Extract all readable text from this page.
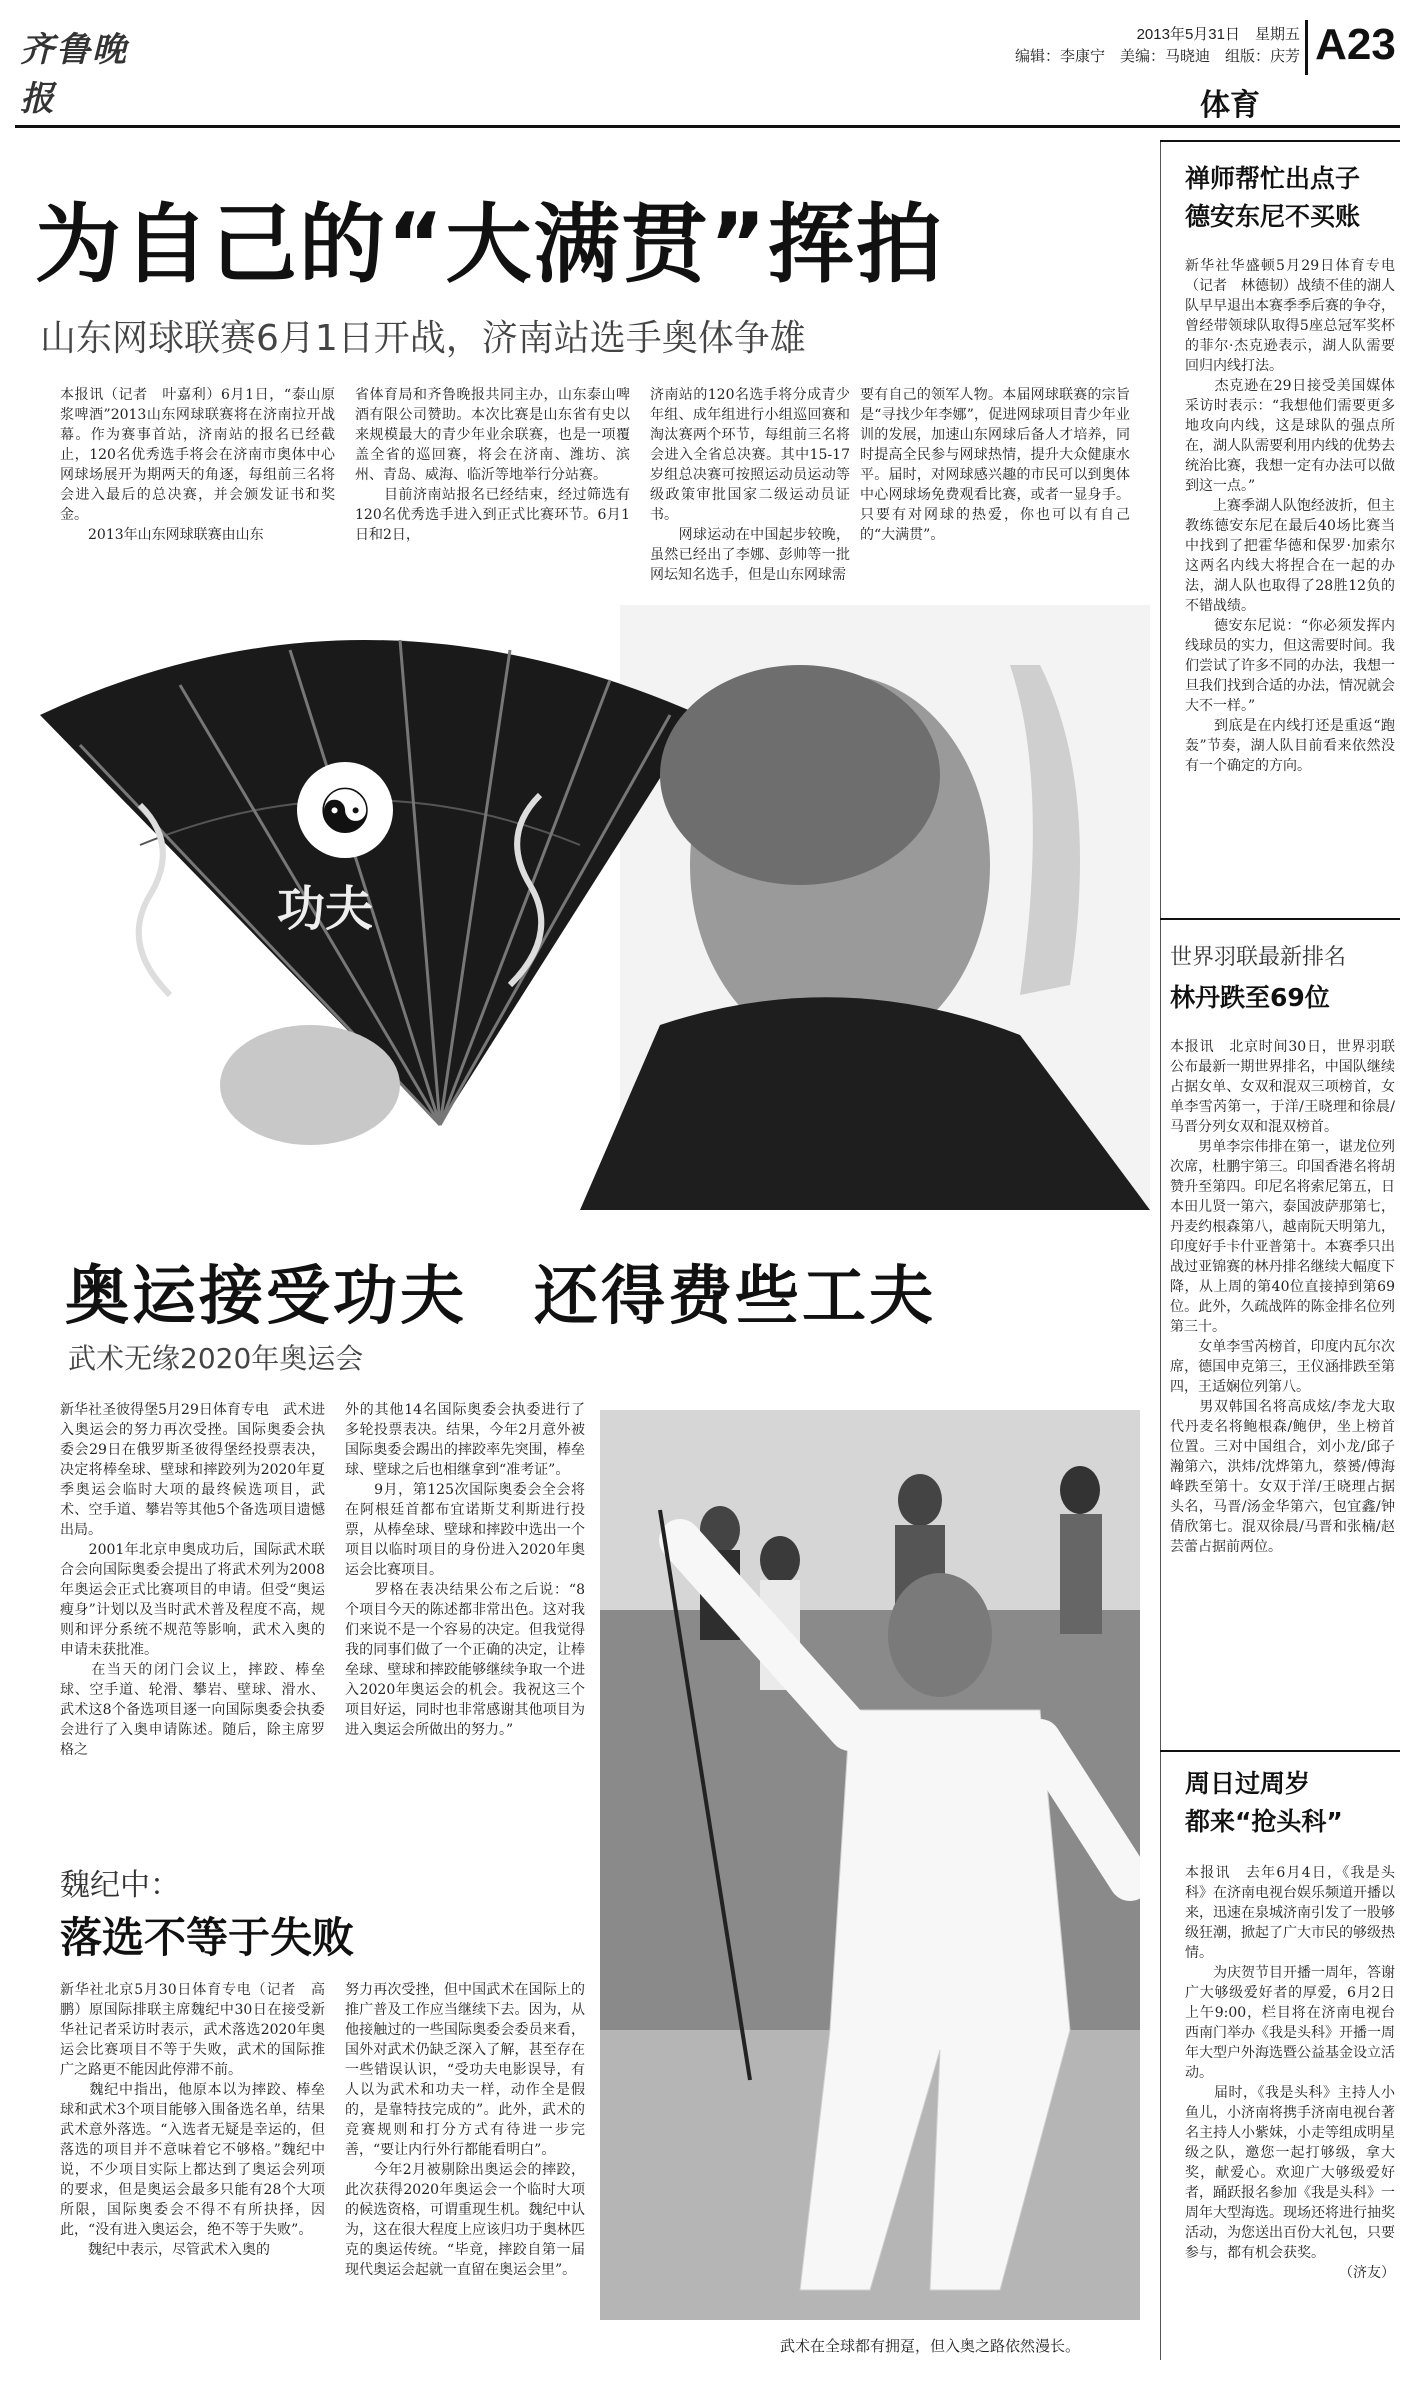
齐鲁晚报
2013年5月31日　星期五
编辑：李康宁　美编：马晓迪　组版：庆芳 A23
体育
为自己的“大满贯”挥拍
山东网球联赛6月1日开战，济南站选手奥体争雄
本报讯（记者　叶嘉利）6月1日，“泰山原浆啤酒”2013山东网球联赛将在济南拉开战幕。作为赛事首站，济南站的报名已经截止，120名优秀选手将会在济南市奥体中心网球场展开为期两天的角逐，每组前三名将会进入最后的总决赛，并会颁发证书和奖金。
　　2013年山东网球联赛由山东
省体育局和齐鲁晚报共同主办，山东泰山啤酒有限公司赞助。本次比赛是山东省有史以来规模最大的青少年业余联赛，也是一项覆盖全省的巡回赛，将会在济南、潍坊、滨州、青岛、威海、临沂等地举行分站赛。
　　目前济南站报名已经结束，经过筛选有120名优秀选手进入到正式比赛环节。6月1日和2日，
济南站的120名选手将分成青少年组、成年组进行小组巡回赛和淘汰赛两个环节，每组前三名将会进入全省总决赛。其中15-17岁组总决赛可按照运动员运动等级政策审批国家二级运动员证书。
　　网球运动在中国起步较晚，虽然已经出了李娜、彭帅等一批网坛知名选手，但是山东网球需
要有自己的领军人物。本届网球联赛的宗旨是“寻找少年李娜”，促进网球项目青少年业训的发展，加速山东网球后备人才培养，同时提高全民参与网球热情，提升大众健康水平。届时，对网球感兴趣的市民可以到奥体中心网球场免费观看比赛，或者一显身手。只要有对网球的热爱，你也可以有自己的“大满贯”。
☯
功夫
奥运接受功夫　还得费些工夫
武术无缘2020年奥运会
新华社圣彼得堡5月29日体育专电　武术进入奥运会的努力再次受挫。国际奥委会执委会29日在俄罗斯圣彼得堡经投票表决，决定将棒垒球、壁球和摔跤列为2020年夏季奥运会临时大项的最终候选项目，武术、空手道、攀岩等其他5个备选项目遗憾出局。
　　2001年北京申奥成功后，国际武术联合会向国际奥委会提出了将武术列为2008年奥运会正式比赛项目的申请。但受“奥运瘦身”计划以及当时武术普及程度不高，规则和评分系统不规范等影响，武术入奥的申请未获批准。
　　在当天的闭门会议上，摔跤、棒垒球、空手道、轮滑、攀岩、壁球、滑水、武术这8个备选项目逐一向国际奥委会执委会进行了入奥申请陈述。随后，除主席罗格之
外的其他14名国际奥委会执委进行了多轮投票表决。结果，今年2月意外被国际奥委会踢出的摔跤率先突围，棒垒球、壁球之后也相继拿到“准考证”。
　　9月，第125次国际奥委会全会将在阿根廷首都布宜诺斯艾利斯进行投票，从棒垒球、壁球和摔跤中选出一个项目以临时项目的身份进入2020年奥运会比赛项目。
　　罗格在表决结果公布之后说：“8个项目今天的陈述都非常出色。这对我们来说不是一个容易的决定。但我觉得我的同事们做了一个正确的决定，让棒垒球、壁球和摔跤能够继续争取一个进入2020年奥运会的机会。我祝这三个项目好运，同时也非常感谢其他项目为进入奥运会所做出的努力。”
魏纪中：
落选不等于失败
新华社北京5月30日体育专电（记者　高鹏）原国际排联主席魏纪中30日在接受新华社记者采访时表示，武术落选2020年奥运会比赛项目不等于失败，武术的国际推广之路更不能因此停滞不前。
　　魏纪中指出，他原本以为摔跤、棒垒球和武术3个项目能够入围备选名单，结果武术意外落选。“入选者无疑是幸运的，但落选的项目并不意味着它不够格。”魏纪中说，不少项目实际上都达到了奥运会列项的要求，但是奥运会最多只能有28个大项所限，国际奥委会不得不有所抉择，因此，“没有进入奥运会，绝不等于失败”。
　　魏纪中表示，尽管武术入奥的
努力再次受挫，但中国武术在国际上的推广普及工作应当继续下去。因为，从他接触过的一些国际奥委会委员来看，国外对武术仍缺乏深入了解，甚至存在一些错误认识，“受功夫电影误导，有人以为武术和功夫一样，动作全是假的，是靠特技完成的”。此外，武术的竞赛规则和打分方式有待进一步完善，“要让内行外行都能看明白”。
　　今年2月被剔除出奥运会的摔跤，此次获得2020年奥运会一个临时大项的候选资格，可谓重现生机。魏纪中认为，这在很大程度上应该归功于奥林匹克的奥运传统。“毕竟，摔跤自第一届现代奥运会起就一直留在奥运会里”。
武术在全球都有拥趸，但入奥之路依然漫长。
禅师帮忙出点子
德安东尼不买账
新华社华盛顿5月29日体育专电（记者　林德韧）战绩不佳的湖人队早早退出本赛季季后赛的争夺，曾经带领球队取得5座总冠军奖杯的菲尔·杰克逊表示，湖人队需要回归内线打法。
　　杰克逊在29日接受美国媒体采访时表示：“我想他们需要更多地攻向内线，这是球队的强点所在，湖人队需要利用内线的优势去统治比赛，我想一定有办法可以做到这一点。”
　　上赛季湖人队饱经波折，但主教练德安东尼在最后40场比赛当中找到了把霍华德和保罗·加索尔这两名内线大将捏合在一起的办法，湖人队也取得了28胜12负的不错战绩。
　　德安东尼说：“你必须发挥内线球员的实力，但这需要时间。我们尝试了许多不同的办法，我想一旦我们找到合适的办法，情况就会大不一样。”
　　到底是在内线打还是重返“跑轰”节奏，湖人队目前看来依然没有一个确定的方向。
世界羽联最新排名
林丹跌至69位
本报讯　北京时间30日，世界羽联公布最新一期世界排名，中国队继续占据女单、女双和混双三项榜首，女单李雪芮第一，于洋/王晓理和徐晨/马晋分列女双和混双榜首。
　　男单李宗伟排在第一，谌龙位列次席，杜鹏宇第三。印国香港名将胡赞升至第四。印尼名将索尼第五，日本田儿贤一第六，泰国波萨那第七，丹麦约根森第八，越南阮天明第九，印度好手卡什亚普第十。本赛季只出战过亚锦赛的林丹排名继续大幅度下降，从上周的第40位直接掉到第69位。此外，久疏战阵的陈金排名位列第三十。
　　女单李雪芮榜首，印度内瓦尔次席，德国申克第三，王仪涵排跌至第四，王适娴位列第八。
　　男双韩国名将高成炫/李龙大取代丹麦名将鲍根森/鲍伊，坐上榜首位置。三对中国组合，刘小龙/邱子瀚第六，洪炜/沈烨第九，蔡赟/傅海峰跌至第十。女双于洋/王晓理占据头名，马晋/汤金华第六，包宜鑫/钟倩欣第七。混双徐晨/马晋和张楠/赵芸蕾占据前两位。
周日过周岁
都来“抢头科”
本报讯　去年6月4日，《我是头科》在济南电视台娱乐频道开播以来，迅速在泉城济南引发了一股够级狂潮，掀起了广大市民的够级热情。
　　为庆贺节目开播一周年，答谢广大够级爱好者的厚爱，6月2日上午9:00，栏目将在济南电视台西南门举办《我是头科》开播一周年大型户外海选暨公益基金设立活动。
　　届时，《我是头科》主持人小鱼儿，小济南将携手济南电视台著名主持人小紫妹，小走等组成明星级之队，邀您一起打够级，拿大奖，献爱心。欢迎广大够级爱好者，踊跃报名参加《我是头科》一周年大型海选。现场还将进行抽奖活动，为您送出百份大礼包，只要参与，都有机会获奖。
（济友）
